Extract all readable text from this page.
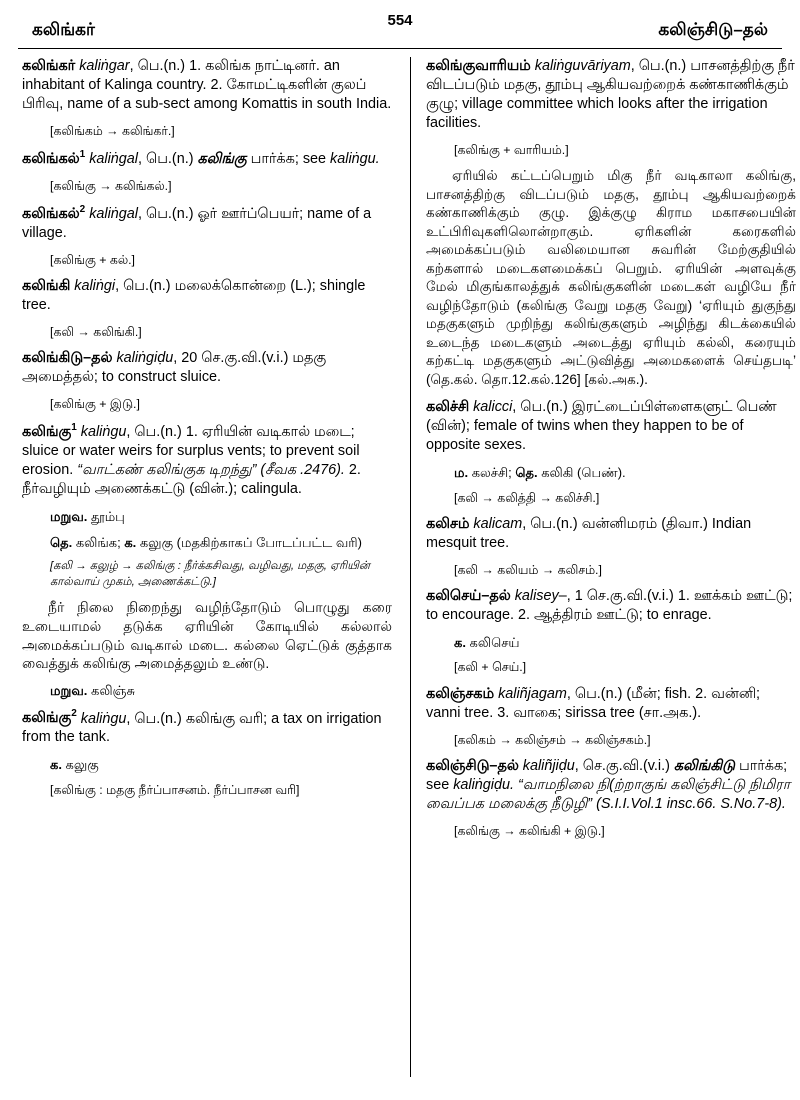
கலிங்கர்	554	கலிஞ்சிடு–தல்
கலிங்கர் kaliṅgar, பெ.(n.) 1. கலிங்க நாட்டினர். an inhabitant of Kalinga country. 2. கோமட்டிகளின் குலப் பிரிவு, name of a sub-sect among Komattis in south India.
[கலிங்கம் → கலிங்கர்.]
கலிங்கல்$^1$ kaliṅgal, பெ.(n.) கலிங்கு பார்க்க; see kaliṅgu.
[கலிங்கு → கலிங்கல்.]
கலிங்கல்$^2$ kaliṅgal, பெ.(n.) ஓர் ஊர்ப்பெயர்; name of a village.
[கலிங்கு + கல்.]
கலிங்கி kaliṅgi, பெ.(n.) மலைக்கொன்றை (L.); shingle tree.
[கலி → கலிங்கி.]
கலிங்கிடு–தல் kaliṅgiḍu, 20 செ.கு.வி.(v.i.) மதகு அமைத்தல்; to construct sluice.
[கலிங்கு + இடு.]
கலிங்கு$^1$ kaliṅgu, பெ.(n.) 1. ஏரியின் வடிகால் மடை; sluice or water weirs for surplus vents; to prevent soil erosion. “வாட்கண் கலிங்குக டிறந்து” (சீவக .2476). 2. நீர்வழியும் அணைக்கட்டு (வின்.); calingula.
மறுவ. தூம்பு
தெ. கலிங்க; க. கலுகு (மதகிற்காகப் போடப்பட்ட வரி)
[கலி → கலுழ் → கலிங்கு : நீர்க்கசிவது, வழிவது, மதகு, ஏரியின் கால்வாய் முகம், அணைக்கட்டு.]
நீர் நிலை நிறைந்து வழிந்தோடும் பொழுது கரை உடையாமல் தடுக்க ஏரியின் கோடியில் கல்லால் அமைக்கப்படும் வடிகால் மடை. கல்லை ஏெட்டுக் குத்தாக வைத்துக் கலிங்கு அமைத்தலும் உண்டு.
மறுவ. கலிஞ்சு
கலிங்கு$^2$ kaliṅgu, பெ.(n.) கலிங்கு வரி; a tax on irrigation from the tank.
க. கலுகு
[கலிங்கு : மதகு நீர்ப்பாசனம். நீர்ப்பாசன வரி]
கலிங்குவாரியம் kaliṅguvāriyam, பெ.(n.) பாசனத்திற்கு நீர் விடப்படும் மதகு, தூம்பு ஆகியவற்றைக் கண்காணிக்கும் குழு; village committee which looks after the irrigation facilities.
[கலிங்கு + வாரியம்.]
ஏரியில் கட்டப்பெறும் மிகு நீர் வடிகாலா கலிங்கு, பாசனத்திற்கு விடப்படும் மதகு, தூம்பு ஆகியவற்றைக் கண்காணிக்கும் குழு. இக்குழு கிராம மகாசபையின் உட்பிரிவுகளிலொன்றாகும். ஏரிகளின் கரைகளில் அமைக்கப்படும் வலிமையான சுவரின் மேற்குதியில் கற்களால் மடைகளமைக்கப் பெறும். ஏரியின் அளவுக்கு மேல் மிகுங்காலத்துக் கலிங்குகளின் மடைகள் வழியே நீர் வழிந்தோடும் (கலிங்கு வேறு மதகு வேறு) ‘ஏரியும் துகுந்து மதகுகளும் முறிந்து கலிங்குகளும் அழிந்து கிடக்கையில் உடைந்த மடைகளும் அடைத்து ஏரியும் கல்லி, கரையும் கற்கட்டி மதகுகளும் அட்டுவித்து அமைகளைக் செய்தபடி’ (தெ.கல். தொ.12.கல்.126] [கல்.அக.).
கலிச்சி kalicci, பெ.(n.) இரட்டைப்பிள்ளைகளுட் பெண் (வின்); female of twins when they happen to be of opposite sexes.
ம. கலச்சி; தெ. கலிகி (பெண்).
[கலி → கலித்தி → கலிச்சி.]
கலிசம் kalicam, பெ.(n.) வன்னிமரம் (திவா.) Indian mesquit tree.
[கலி → கலியம் → கலிசம்.]
கலிசெய்–தல் kalisey–, 1 செ.கு.வி.(v.i.) 1. ஊக்கம் ஊட்டு; to encourage. 2. ஆத்திரம் ஊட்டு; to enrage.
க. கலிசெய்
[கலி + செய்.]
கலிஞ்சகம் kaliñjagam, பெ.(n.) (மீன்; fish. 2. வன்னி; vanni tree. 3. வாகை; sirissa tree (சா.அக.).
[கலிகம் → கலிஞ்சம் → கலிஞ்சகம்.]
கலிஞ்சிடு–தல் kaliñjiḍu, செ.கு.வி.(v.i.) கலிங்கிடு பார்க்க; see kaliṅgiḍu. “வாமநிலை நி(ற்றாகுங் கலிஞ்சிட்டு நிமிரா வைப்பக மலைக்கு நீடுழி” (S.I.I.Vol.1 insc.66. S.No.7-8).
[கலிங்கு → கலிங்கி + இடு.]
